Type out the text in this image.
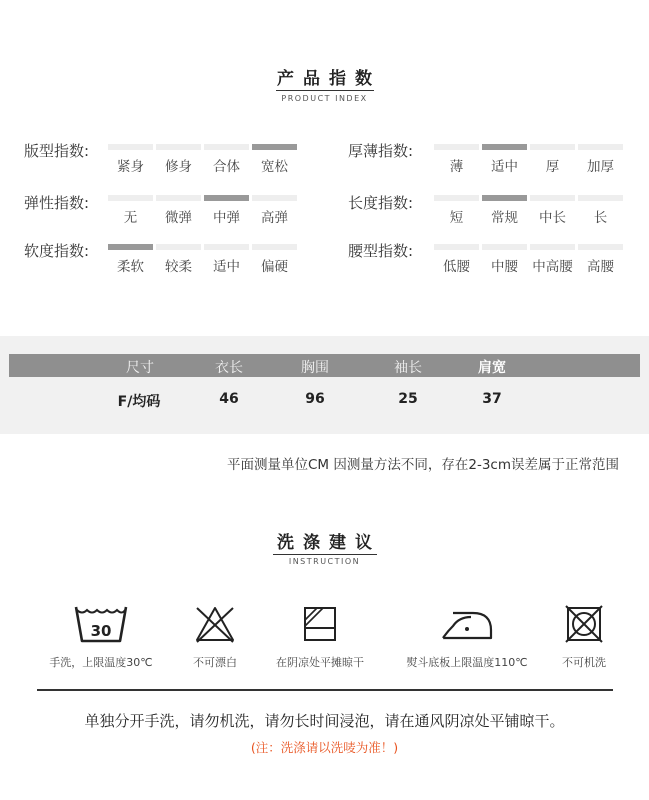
产品指数
PRODUCT INDEX
版型指数:
紧身	修身	合体	宽松
弹性指数:
无	微弹	中弹	高弹
软度指数:
柔软	较柔	适中	偏硬
厚薄指数:
薄	适中	厚	加厚
长度指数:
短	常规	中长	长
腰型指数:
低腰	中腰	中高腰	高腰
尺寸	衣长	胸围	袖长	肩宽
F/均码	46	96	25	37
平面测量单位CM 因测量方法不同，存在2-3cm误差属于正常范围
洗涤建议
INSTRUCTION
30
手洗，上限温度30℃	不可漂白	在阴凉处平摊晾干	熨斗底板上限温度110℃	不可机洗
单独分开手洗，请勿机洗，请勿长时间浸泡，请在通风阴凉处平铺晾干。
(注：洗涤请以洗唛为准！)
